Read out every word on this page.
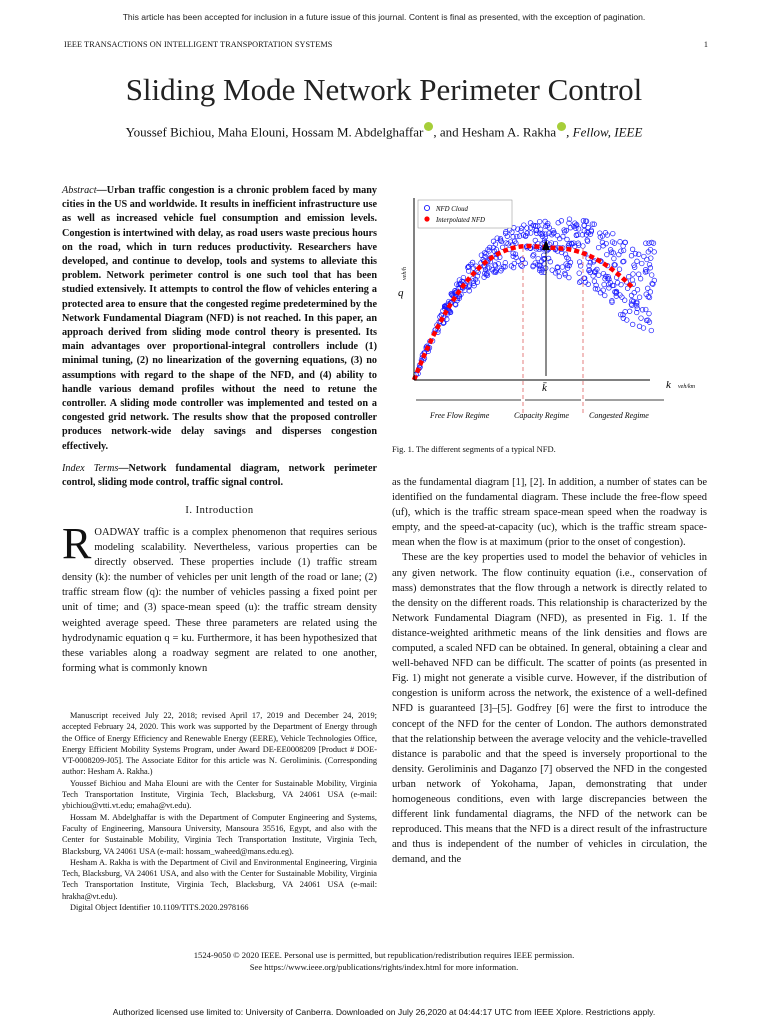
This article has been accepted for inclusion in a future issue of this journal. Content is final as presented, with the exception of pagination.
IEEE TRANSACTIONS ON INTELLIGENT TRANSPORTATION SYSTEMS	1
Sliding Mode Network Perimeter Control
Youssef Bichiou, Maha Elouni, Hossam M. Abdelghaffar , and Hesham A. Rakha , Fellow, IEEE

Abstract—Urban traffic congestion is a chronic problem faced by many cities in the US and worldwide. It results in inefficient infrastructure use as well as increased vehicle fuel consumption and emission levels. Congestion is intertwined with delay, as road users waste precious hours on the road, which in turn reduces productivity. Researchers have developed, and continue to develop, tools and systems to alleviate this problem. Network perimeter control is one such tool that has been studied extensively. It attempts to control the flow of vehicles entering a protected area to ensure that the congested regime predetermined by the Network Fundamental Diagram (NFD) is not reached. In this paper, an approach derived from sliding mode control theory is presented. Its main advantages over proportional-integral controllers include (1) minimal tuning, (2) no linearization of the governing equations, (3) no assumptions with regard to the shape of the NFD, and (4) ability to handle various demand profiles without the need to retune the controller. A sliding mode controller was implemented and tested on a congested grid network. The results show that the proposed controller produces network-wide delay savings and disperses congestion effectively.

Index Terms—Network fundamental diagram, network perimeter control, sliding mode control, traffic signal control.

I. Introduction

ROADWAY traffic is a complex phenomenon that requires serious modeling scalability. Nevertheless, various properties can be directly observed. These properties include (1) traffic stream density (k): the number of vehicles per unit length of the road or lane; (2) traffic stream flow (q): the number of vehicles passing a fixed point per unit of time; and (3) space-mean speed (u): the traffic stream density weighted average speed. These three parameters are related using the hydrodynamic equation q = ku. Furthermore, it has been hypothesized that these variables along a roadway segment are related to one another, forming what is commonly known

Manuscript received July 22, 2018; revised April 17, 2019 and December 24, 2019; accepted February 24, 2020. This work was supported by the Department of Energy through the Office of Energy Efficiency and Renewable Energy (EERE), Vehicle Technologies Office, Energy Efficient Mobility Systems Program, under Award DE-EE0008209 [Product # DOE-VT-0008209-J05]. The Associate Editor for this article was N. Geroliminis. (Corresponding author: Hesham A. Rakha.)

Youssef Bichiou and Maha Elouni are with the Center for Sustainable Mobility, Virginia Tech Transportation Institute, Virginia Tech, Blacksburg, VA 24061 USA (e-mail: ybichiou@vtti.vt.edu; emaha@vt.edu).

Hossam M. Abdelghaffar is with the Department of Computer Engineering and Systems, Faculty of Engineering, Mansoura University, Mansoura 35516, Egypt, and also with the Center for Sustainable Mobility, Virginia Tech Transportation Institute, Virginia Tech, Blacksburg, VA 24061 USA (e-mail: hossam_waheed@mans.edu.eg).

Hesham A. Rakha is with the Department of Civil and Environmental Engineering, Virginia Tech, Blacksburg, VA 24061 USA, and also with the Center for Sustainable Mobility, Virginia Tech Transportation Institute, Virginia Tech, Blacksburg, VA 24061 USA (e-mail: hrakha@vt.edu).

Digital Object Identifier 10.1109/TITS.2020.2978166

k̄
Free Flow Regime	Capacity Regime	Congested Regime
q
veh/h
k veh/km
NFD Cloud
Interpolated NFD
Fig. 1. The different segments of a typical NFD.

as the fundamental diagram [1], [2]. In addition, a number of states can be identified on the fundamental diagram. These include the free-flow speed (uf), which is the traffic stream space-mean speed when the roadway is empty, and the speed-at-capacity (uc), which is the traffic stream space-mean when the flow is at maximum (prior to the onset of congestion).

These are the key properties used to model the behavior of vehicles in any given network. The flow continuity equation (i.e., conservation of mass) demonstrates that the flow through a network is directly related to the density on the different roads. This relationship is characterized by the Network Fundamental Diagram (NFD), as presented in Fig. 1. If the distance-weighted arithmetic means of the link densities and flows are computed, a scaled NFD can be obtained. In general, obtaining a clear and well-behaved NFD can be difficult. The scatter of points (as presented in Fig. 1) might not generate a visible curve. However, if the distribution of congestion is uniform across the network, the existence of a well-defined NFD is guaranteed [3]–[5]. Godfrey [6] were the first to introduce the concept of the NFD for the center of London. The authors demonstrated that the relationship between the average velocity and the vehicle-travelled distance is parabolic and that the speed is inversely proportional to the density. Geroliminis and Daganzo [7] observed the NFD in the congested urban network of Yokohama, Japan, demonstrating that under homogeneous conditions, even with large discrepancies between the different link fundamental diagrams, the NFD of the network can be reproduced. This means that the NFD is a direct result of the infrastructure and thus is independent of the number of vehicles in circulation, the demand, and the

1524-9050 © 2020 IEEE. Personal use is permitted, but republication/redistribution requires IEEE permission.
See https://www.ieee.org/publications/rights/index.html for more information.
Authorized licensed use limited to: University of Canberra. Downloaded on July 26,2020 at 04:44:17 UTC from IEEE Xplore. Restrictions apply.
